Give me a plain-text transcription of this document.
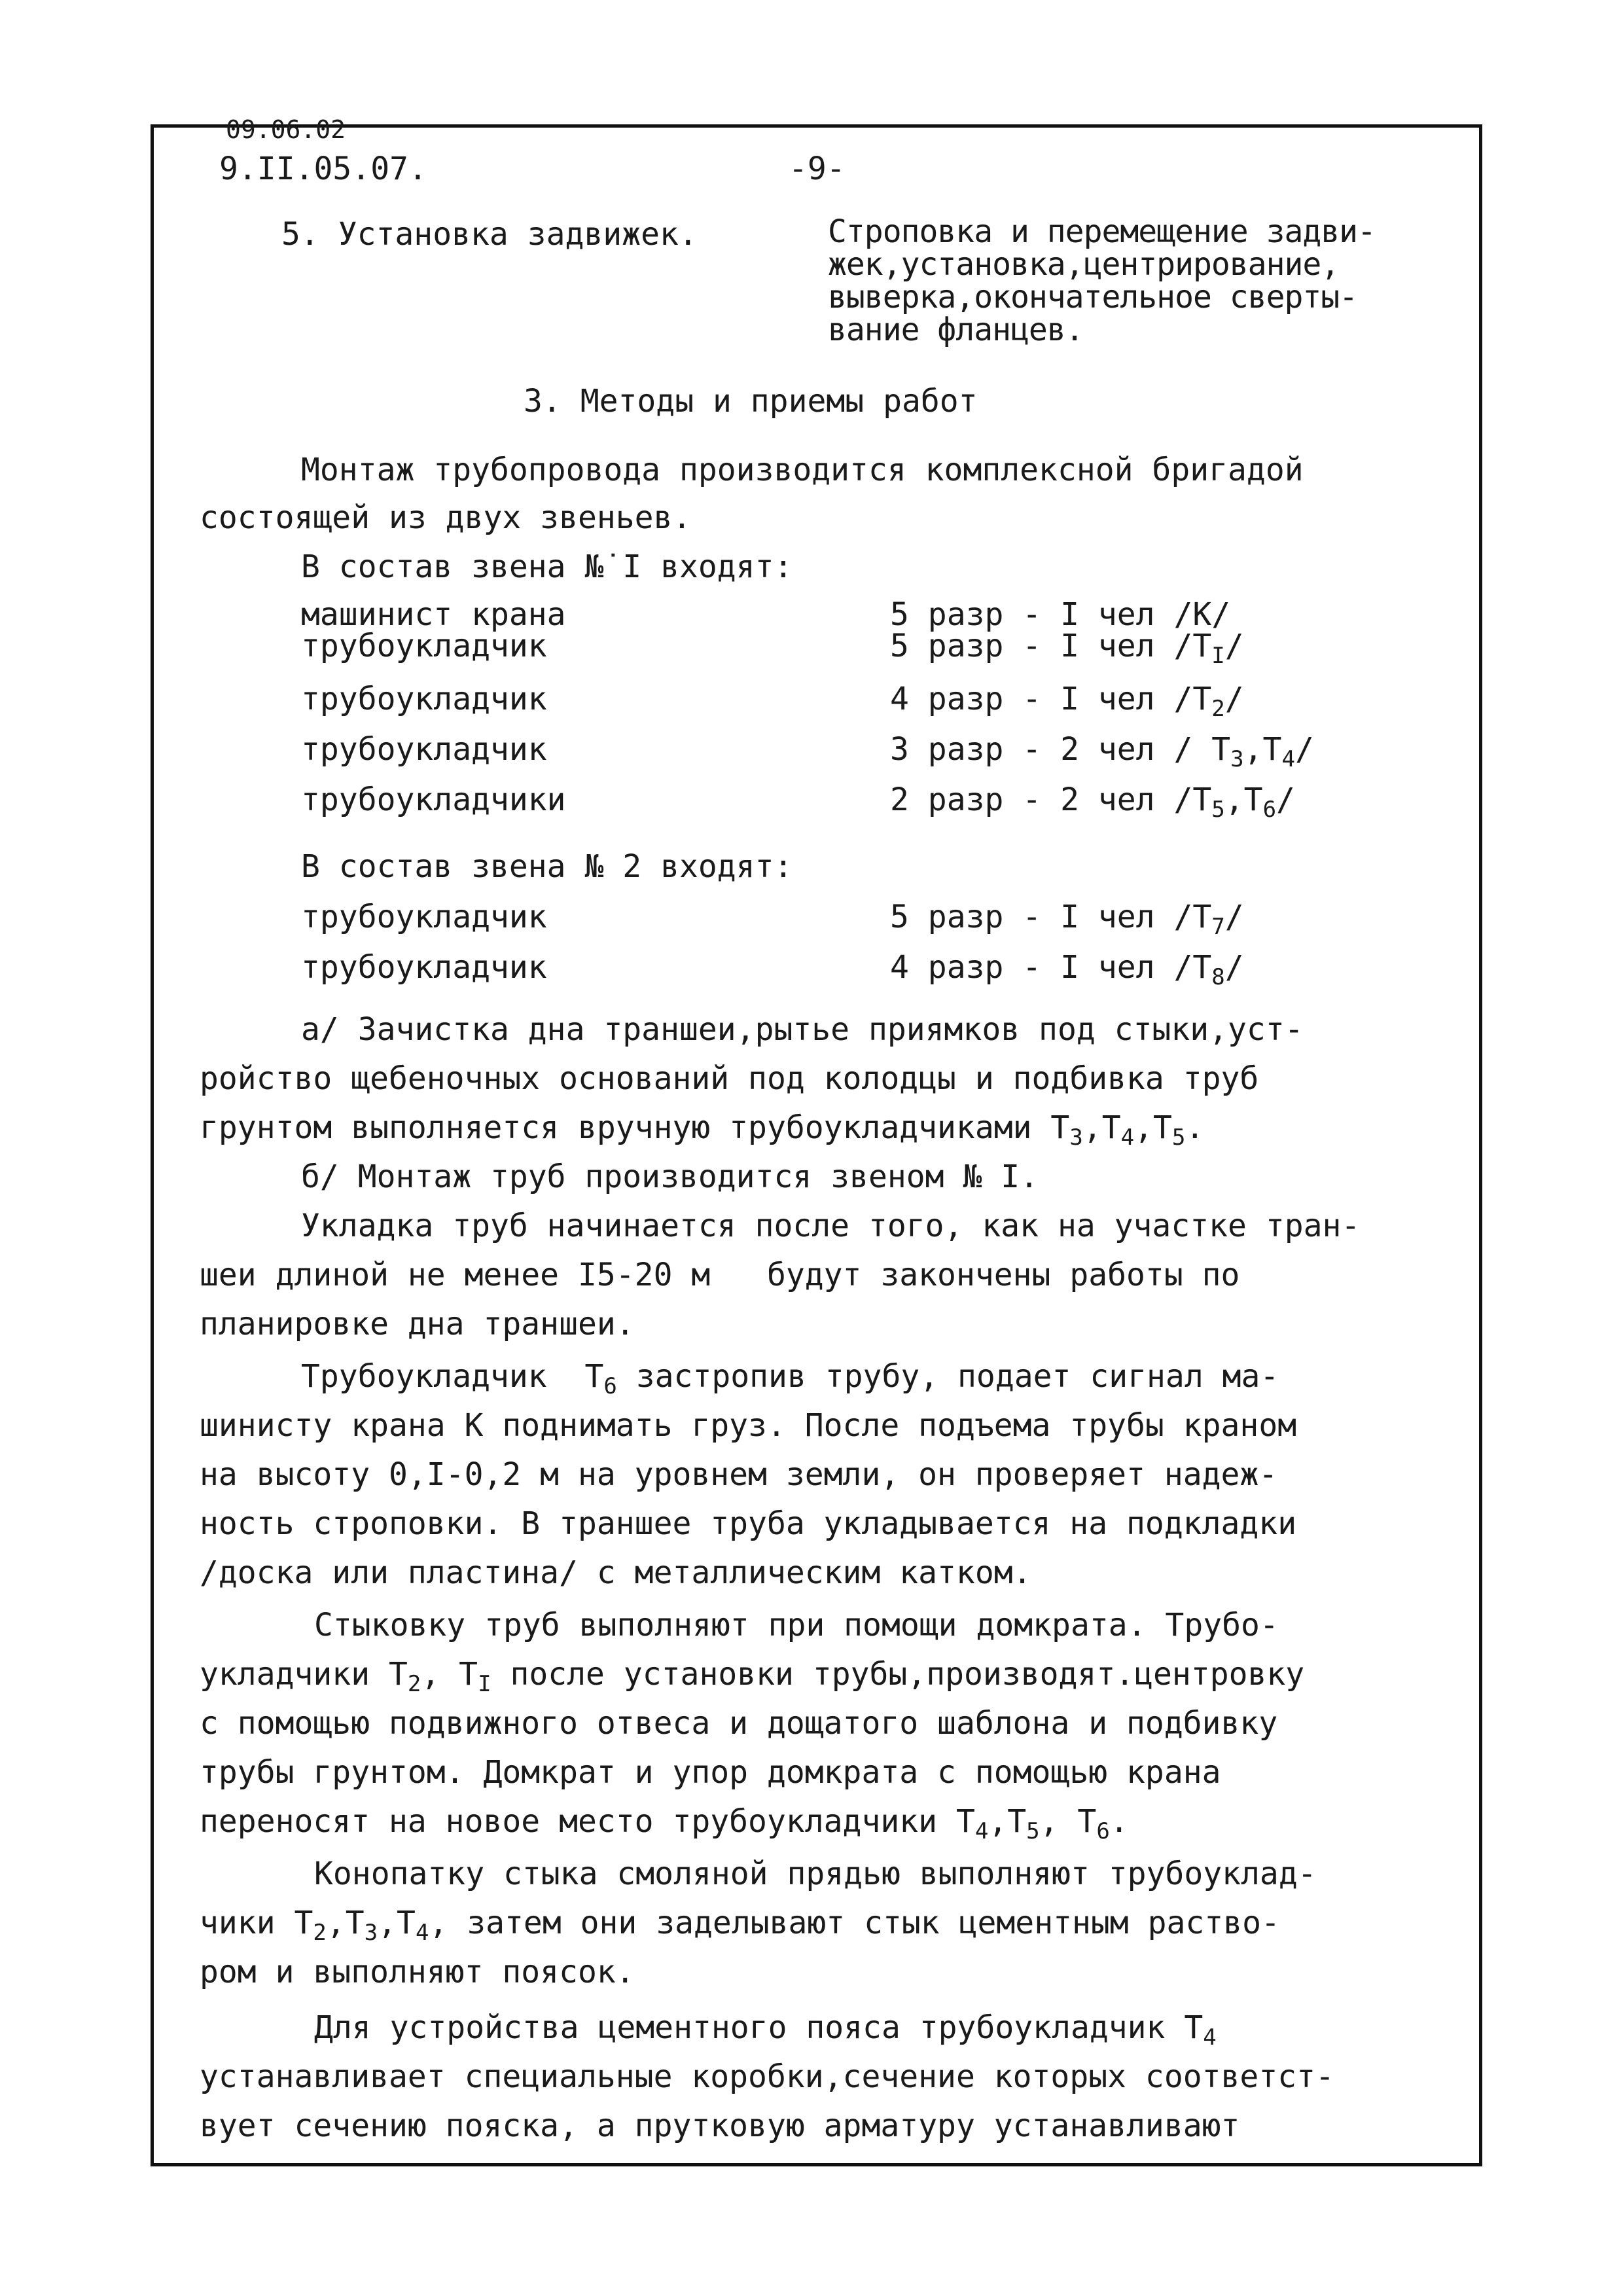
09.06.02
9.II.05.07.	-9-
5. Установка задвижек.	Строповка и перемещение задви-
жек,установка,центрирование,
выверка,окончательное сверты-
вание фланцев.
3. Методы и приемы работ
Монтаж трубопровода производится комплексной бригадой
состоящей из двух звеньев.
В состав звена №˙I входят:
машинист крана	5 разр - I чел /К/
трубоукладчик	5 разр - I чел $/Т_I/$
трубоукладчик	4 разр - I чел $/Т_2/$
трубоукладчик	3 разр - 2 чел / $Т_3,Т_4/$
трубоукладчики	2 разр - 2 чел $/Т_5,Т_6/$
В состав звена № 2 входят:
трубоукладчик	5 разр - I чел $/Т_7/$
трубоукладчик	4 разр - I чел $/Т_8/$
а/ Зачистка дна траншеи,рытье приямков под стыки,уст-
ройство щебеночных оснований под колодцы и подбивка труб
грунтом выполняется вручную трубоукладчиками $Т_3,Т_4,Т_5$.
б/ Монтаж труб производится звеном № I.
Укладка труб начинается после того, как на участке тран-
шеи длиной не менее I5-20 м   будут закончены работы по
планировке дна траншеи.
Трубоукладчик  $Т_6$ застропив трубу, подает сигнал ма-
шинисту крана К поднимать груз. После подъема трубы краном
на высоту 0,I-0,2 м на уровнем земли, он проверяет надеж-
ность строповки. В траншее труба укладывается на подкладки
/доска или пластина/ с металлическим катком.
Стыковку труб выполняют при помощи домкрата. Трубо-
укладчики $Т_2$, $Т_I$ после установки трубы,производят.центровку
с помощью подвижного отвеса и дощатого шаблона и подбивку
трубы грунтом. Домкрат и упор домкрата с помощью крана
переносят на новое место трубоукладчики $Т_4,Т_5$, $Т_6$.
Конопатку стыка смоляной прядью выполняют трубоуклад-
чики $Т_2,Т_3,Т_4$, затем они заделывают стык цементным раство-
ром и выполняют поясок.
Для устройства цементного пояса трубоукладчик $Т_4$
устанавливает специальные коробки,сечение которых соответст-
вует сечению пояска, а прутковую арматуру устанавливают
